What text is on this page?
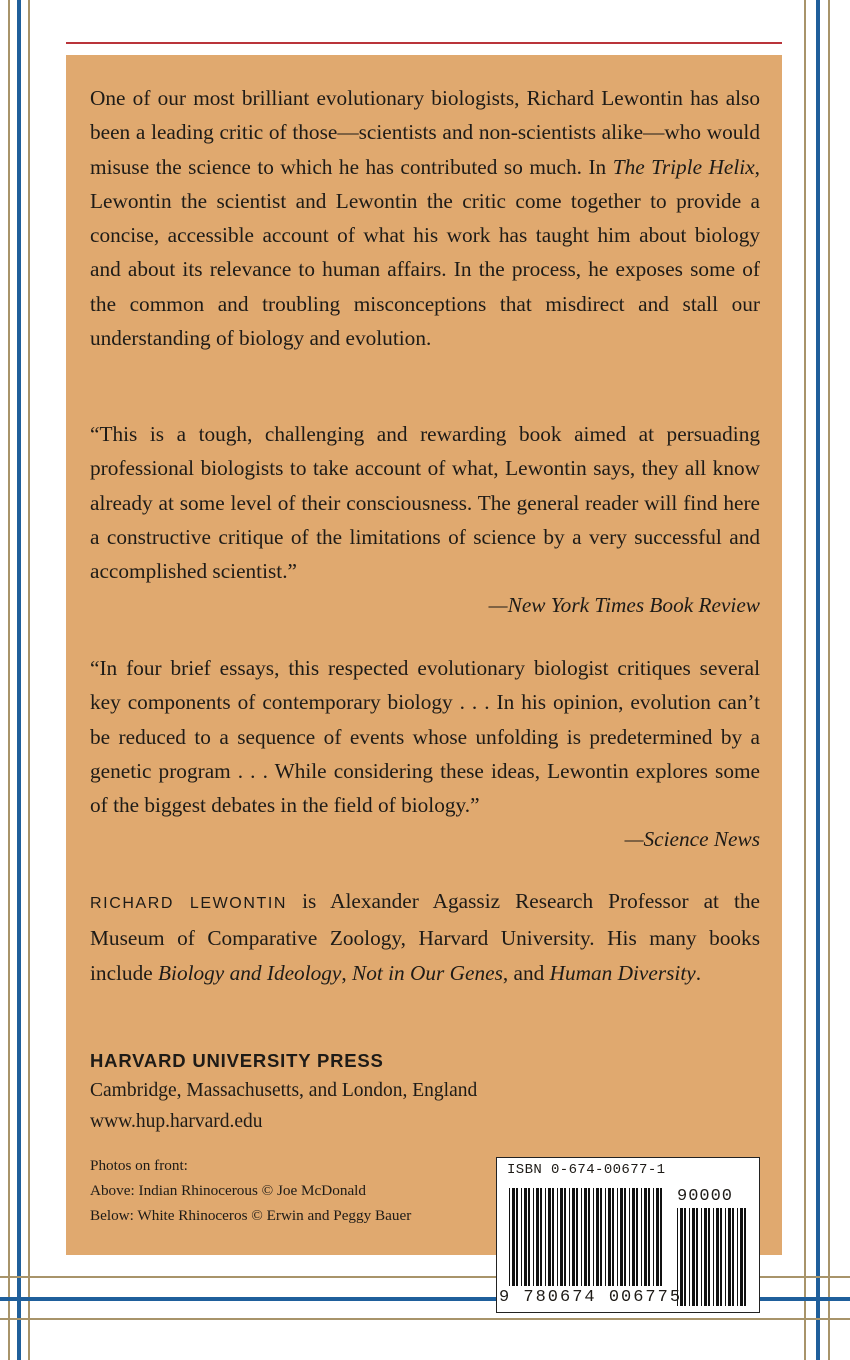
One of our most brilliant evolutionary biologists, Richard Lewontin has also been a leading critic of those—scientists and non-scientists alike—who would misuse the science to which he has contributed so much. In The Triple Helix, Lewontin the scientist and Lewontin the critic come together to provide a concise, accessible account of what his work has taught him about biology and about its relevance to human affairs. In the process, he exposes some of the common and troubling misconceptions that misdirect and stall our understanding of biology and evolution.

“This is a tough, challenging and rewarding book aimed at persuading professional biologists to take account of what, Lewontin says, they all know already at some level of their consciousness. The general reader will find here a constructive critique of the limitations of science by a very successful and accomplished scientist.”

—New York Times Book Review

“In four brief essays, this respected evolutionary biologist critiques several key components of contemporary biology . . . In his opinion, evolution can’t be reduced to a sequence of events whose unfolding is predetermined by a genetic program . . . While considering these ideas, Lewontin explores some of the biggest debates in the field of biology.”

—Science News

RICHARD LEWONTIN is Alexander Agassiz Research Professor at the Museum of Comparative Zoology, Harvard University. His many books include Biology and Ideology, Not in Our Genes, and Human Diversity.

HARVARD UNIVERSITY PRESS
Cambridge, Massachusetts, and London, England
www.hup.harvard.edu
Photos on front:
Above: Indian Rhinocerous © Joe McDonald
Below: White Rhinoceros © Erwin and Peggy Bauer
ISBN 0-674-00677-1
90000
9 780674 006775
